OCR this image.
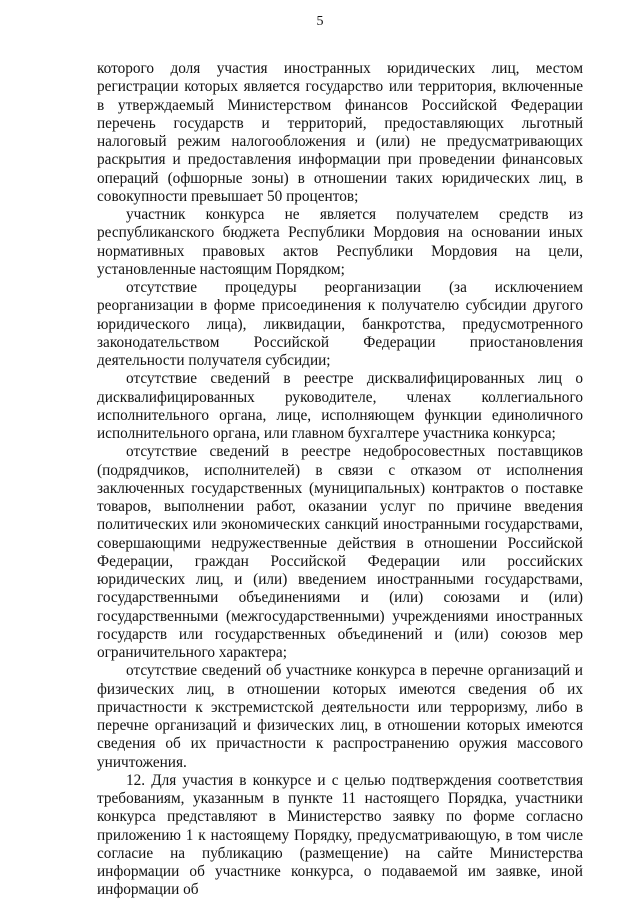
5

которого доля участия иностранных юридических лиц, местом регистрации которых является государство или территория, включенные в утверждаемый Министерством финансов Российской Федерации перечень государств и территорий, предоставляющих льготный налоговый режим налогообложения и (или) не предусматривающих раскрытия и предоставления информации при проведении финансовых операций (офшорные зоны) в отношении таких юридических лиц, в совокупности превышает 50 процентов;

участник конкурса не является получателем средств из республиканского бюджета Республики Мордовия на основании иных нормативных правовых актов Республики Мордовия на цели, установленные настоящим Порядком;

отсутствие процедуры реорганизации (за исключением реорганизации в форме присоединения к получателю субсидии другого юридического лица), ликвидации, банкротства, предусмотренного законодательством Российской Федерации приостановления деятельности получателя субсидии;

отсутствие сведений в реестре дисквалифицированных лиц о дисквалифицированных руководителе, членах коллегиального исполнительного органа, лице, исполняющем функции единоличного исполнительного органа, или главном бухгалтере участника конкурса;

отсутствие сведений в реестре недобросовестных поставщиков (подрядчиков, исполнителей) в связи с отказом от исполнения заключенных государственных (муниципальных) контрактов о поставке товаров, выполнении работ, оказании услуг по причине введения политических или экономических санкций иностранными государствами, совершающими недружественные действия в отношении Российской Федерации, граждан Российской Федерации или российских юридических лиц, и (или) введением иностранными государствами, государственными объединениями и (или) союзами и (или) государственными (межгосударственными) учреждениями иностранных государств или государственных объединений и (или) союзов мер ограничительного характера;

отсутствие сведений об участнике конкурса в перечне организаций и физических лиц, в отношении которых имеются сведения об их причастности к экстремистской деятельности или терроризму, либо в перечне организаций и физических лиц, в отношении которых имеются сведения об их причастности к распространению оружия массового уничтожения.

12. Для участия в конкурсе и с целью подтверждения соответствия требованиям, указанным в пункте 11 настоящего Порядка, участники конкурса представляют в Министерство заявку по форме согласно приложению 1 к настоящему Порядку, предусматривающую, в том числе согласие на публикацию (размещение) на сайте Министерства информации об участнике конкурса, о подаваемой им заявке, иной информации об
